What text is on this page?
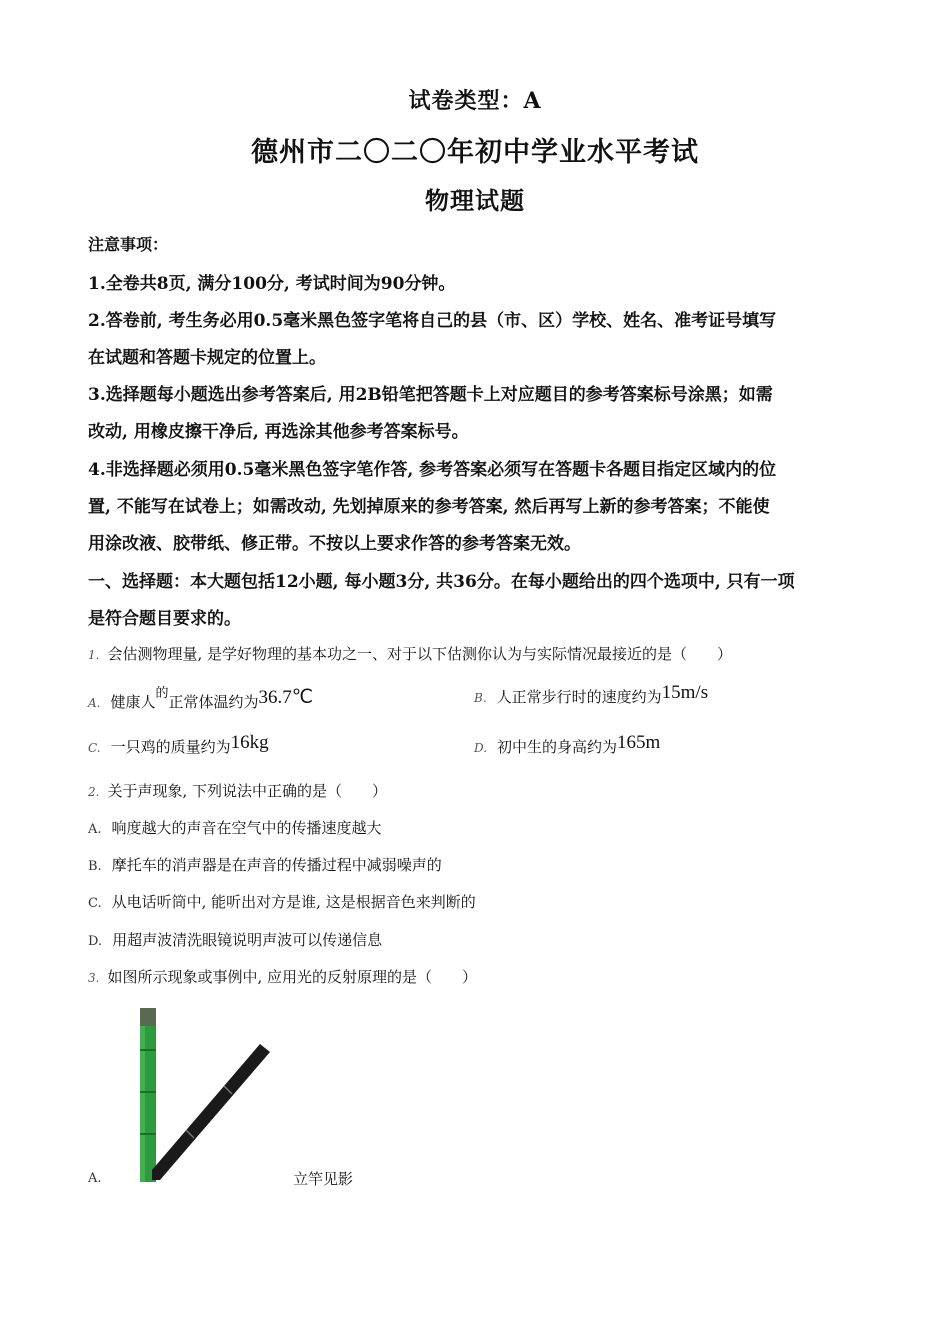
试卷类型：A
德州市二〇二〇年初中学业水平考试
物理试题
注意事项：
1.全卷共8页, 满分100分, 考试时间为90分钟。
2.答卷前, 考生务必用0.5毫米黑色签字笔将自己的县（市、区）学校、姓名、准考证号填写
在试题和答题卡规定的位置上。
3.选择题每小题选出参考答案后, 用2B铅笔把答题卡上对应题目的参考答案标号涂黑；如需
改动, 用橡皮擦干净后, 再选涂其他参考答案标号。
4.非选择题必须用0.5毫米黑色签字笔作答, 参考答案必须写在答题卡各题目指定区域内的位
置, 不能写在试卷上；如需改动, 先划掉原来的参考答案, 然后再写上新的参考答案；不能使
用涂改液、胶带纸、修正带。不按以上要求作答的参考答案无效。
一、选择题：本大题包括12小题, 每小题3分, 共36分。在每小题给出的四个选项中, 只有一项
是符合题目要求的。
1. 会估测物理量, 是学好物理的基本功之一、对于以下估测你认为与实际情况最接近的是（　　）
A. 健康人的正常体温约为36.7℃	B. 人正常步行时的速度约为15m/s
C. 一只鸡的质量约为16kg	D. 初中生的身高约为165m
2. 关于声现象, 下列说法中正确的是（　　）
A. 响度越大的声音在空气中的传播速度越大
B. 摩托车的消声器是在声音的传播过程中减弱噪声的
C. 从电话听筒中, 能听出对方是谁, 这是根据音色来判断的
D. 用超声波清洗眼镜说明声波可以传递信息
3. 如图所示现象或事例中, 应用光的反射原理的是（　　）
A.	立竿见影
